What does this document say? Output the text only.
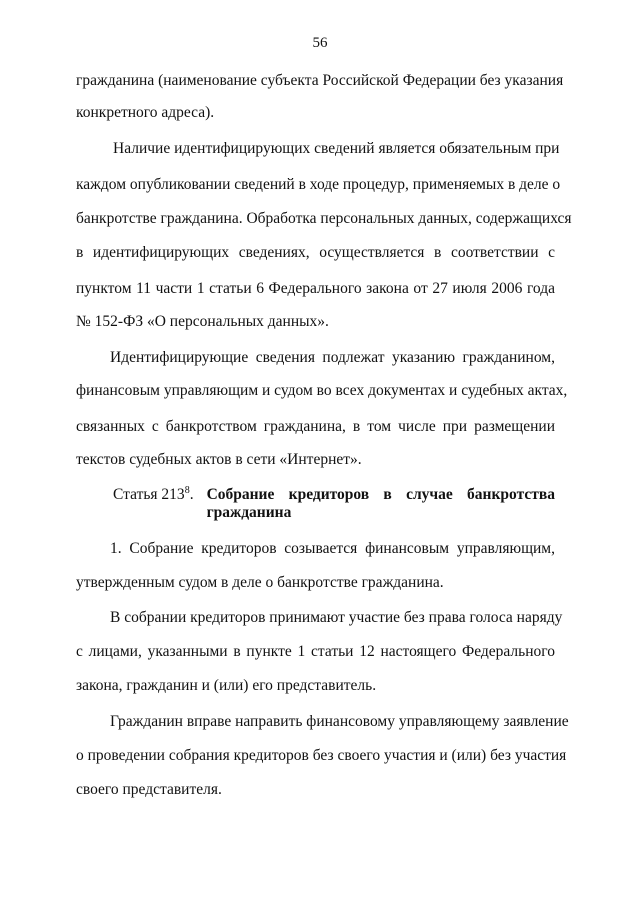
56
гражданина (наименование субъекта Российской Федерации без указания
конкретного адреса).
Наличие идентифицирующих сведений является обязательным при
каждом опубликовании сведений в ходе процедур, применяемых в деле о
банкротстве гражданина. Обработка персональных данных, содержащихся
в идентифицирующих сведениях, осуществляется в соответствии с
пунктом 11 части 1 статьи 6 Федерального закона от 27 июля 2006 года
№ 152-ФЗ «О персональных данных».
Идентифицирующие сведения подлежат указанию гражданином,
финансовым управляющим и судом во всех документах и судебных актах,
связанных с банкротством гражданина, в том числе при размещении
текстов судебных актов в сети «Интернет».
Статья $213^8$. Собрание кредиторов в случае банкротства
гражданина
1. Собрание кредиторов созывается финансовым управляющим,
утвержденным судом в деле о банкротстве гражданина.
В собрании кредиторов принимают участие без права голоса наряду
с лицами, указанными в пункте 1 статьи 12 настоящего Федерального
закона, гражданин и (или) его представитель.
Гражданин вправе направить финансовому управляющему заявление
о проведении собрания кредиторов без своего участия и (или) без участия
своего представителя.
